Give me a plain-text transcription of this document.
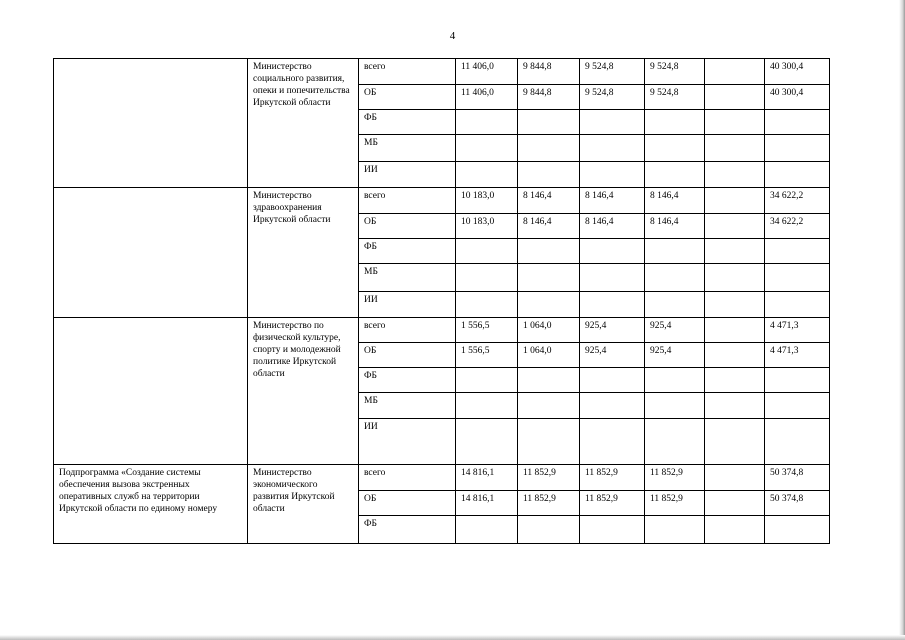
4
	Министерство социального развития, опеки и попечительства Иркутской области	всего	11 406,0	9 844,8	9 524,8	9 524,8		40 300,4
		ОБ	11 406,0	9 844,8	9 524,8	9 524,8		40 300,4
		ФБ						
		МБ						
		ИИ						
	Министерство здравоохранения Иркутской области	всего	10 183,0	8 146,4	8 146,4	8 146,4		34 622,2
		ОБ	10 183,0	8 146,4	8 146,4	8 146,4		34 622,2
		ФБ						
		МБ						
		ИИ						
	Министерство по физической культуре, спорту и молодежной политике Иркутской области	всего	1 556,5	1 064,0	925,4	925,4		4 471,3
		ОБ	1 556,5	1 064,0	925,4	925,4		4 471,3
		ФБ						
		МБ						
		ИИ						
Подпрограмма «Создание системы обеспечения вызова экстренных оперативных служб на территории Иркутской области по единому номеру	Министерство экономического развития Иркутской области	всего	14 816,1	11 852,9	11 852,9	11 852,9		50 374,8
		ОБ	14 816,1	11 852,9	11 852,9	11 852,9		50 374,8
		ФБ						
